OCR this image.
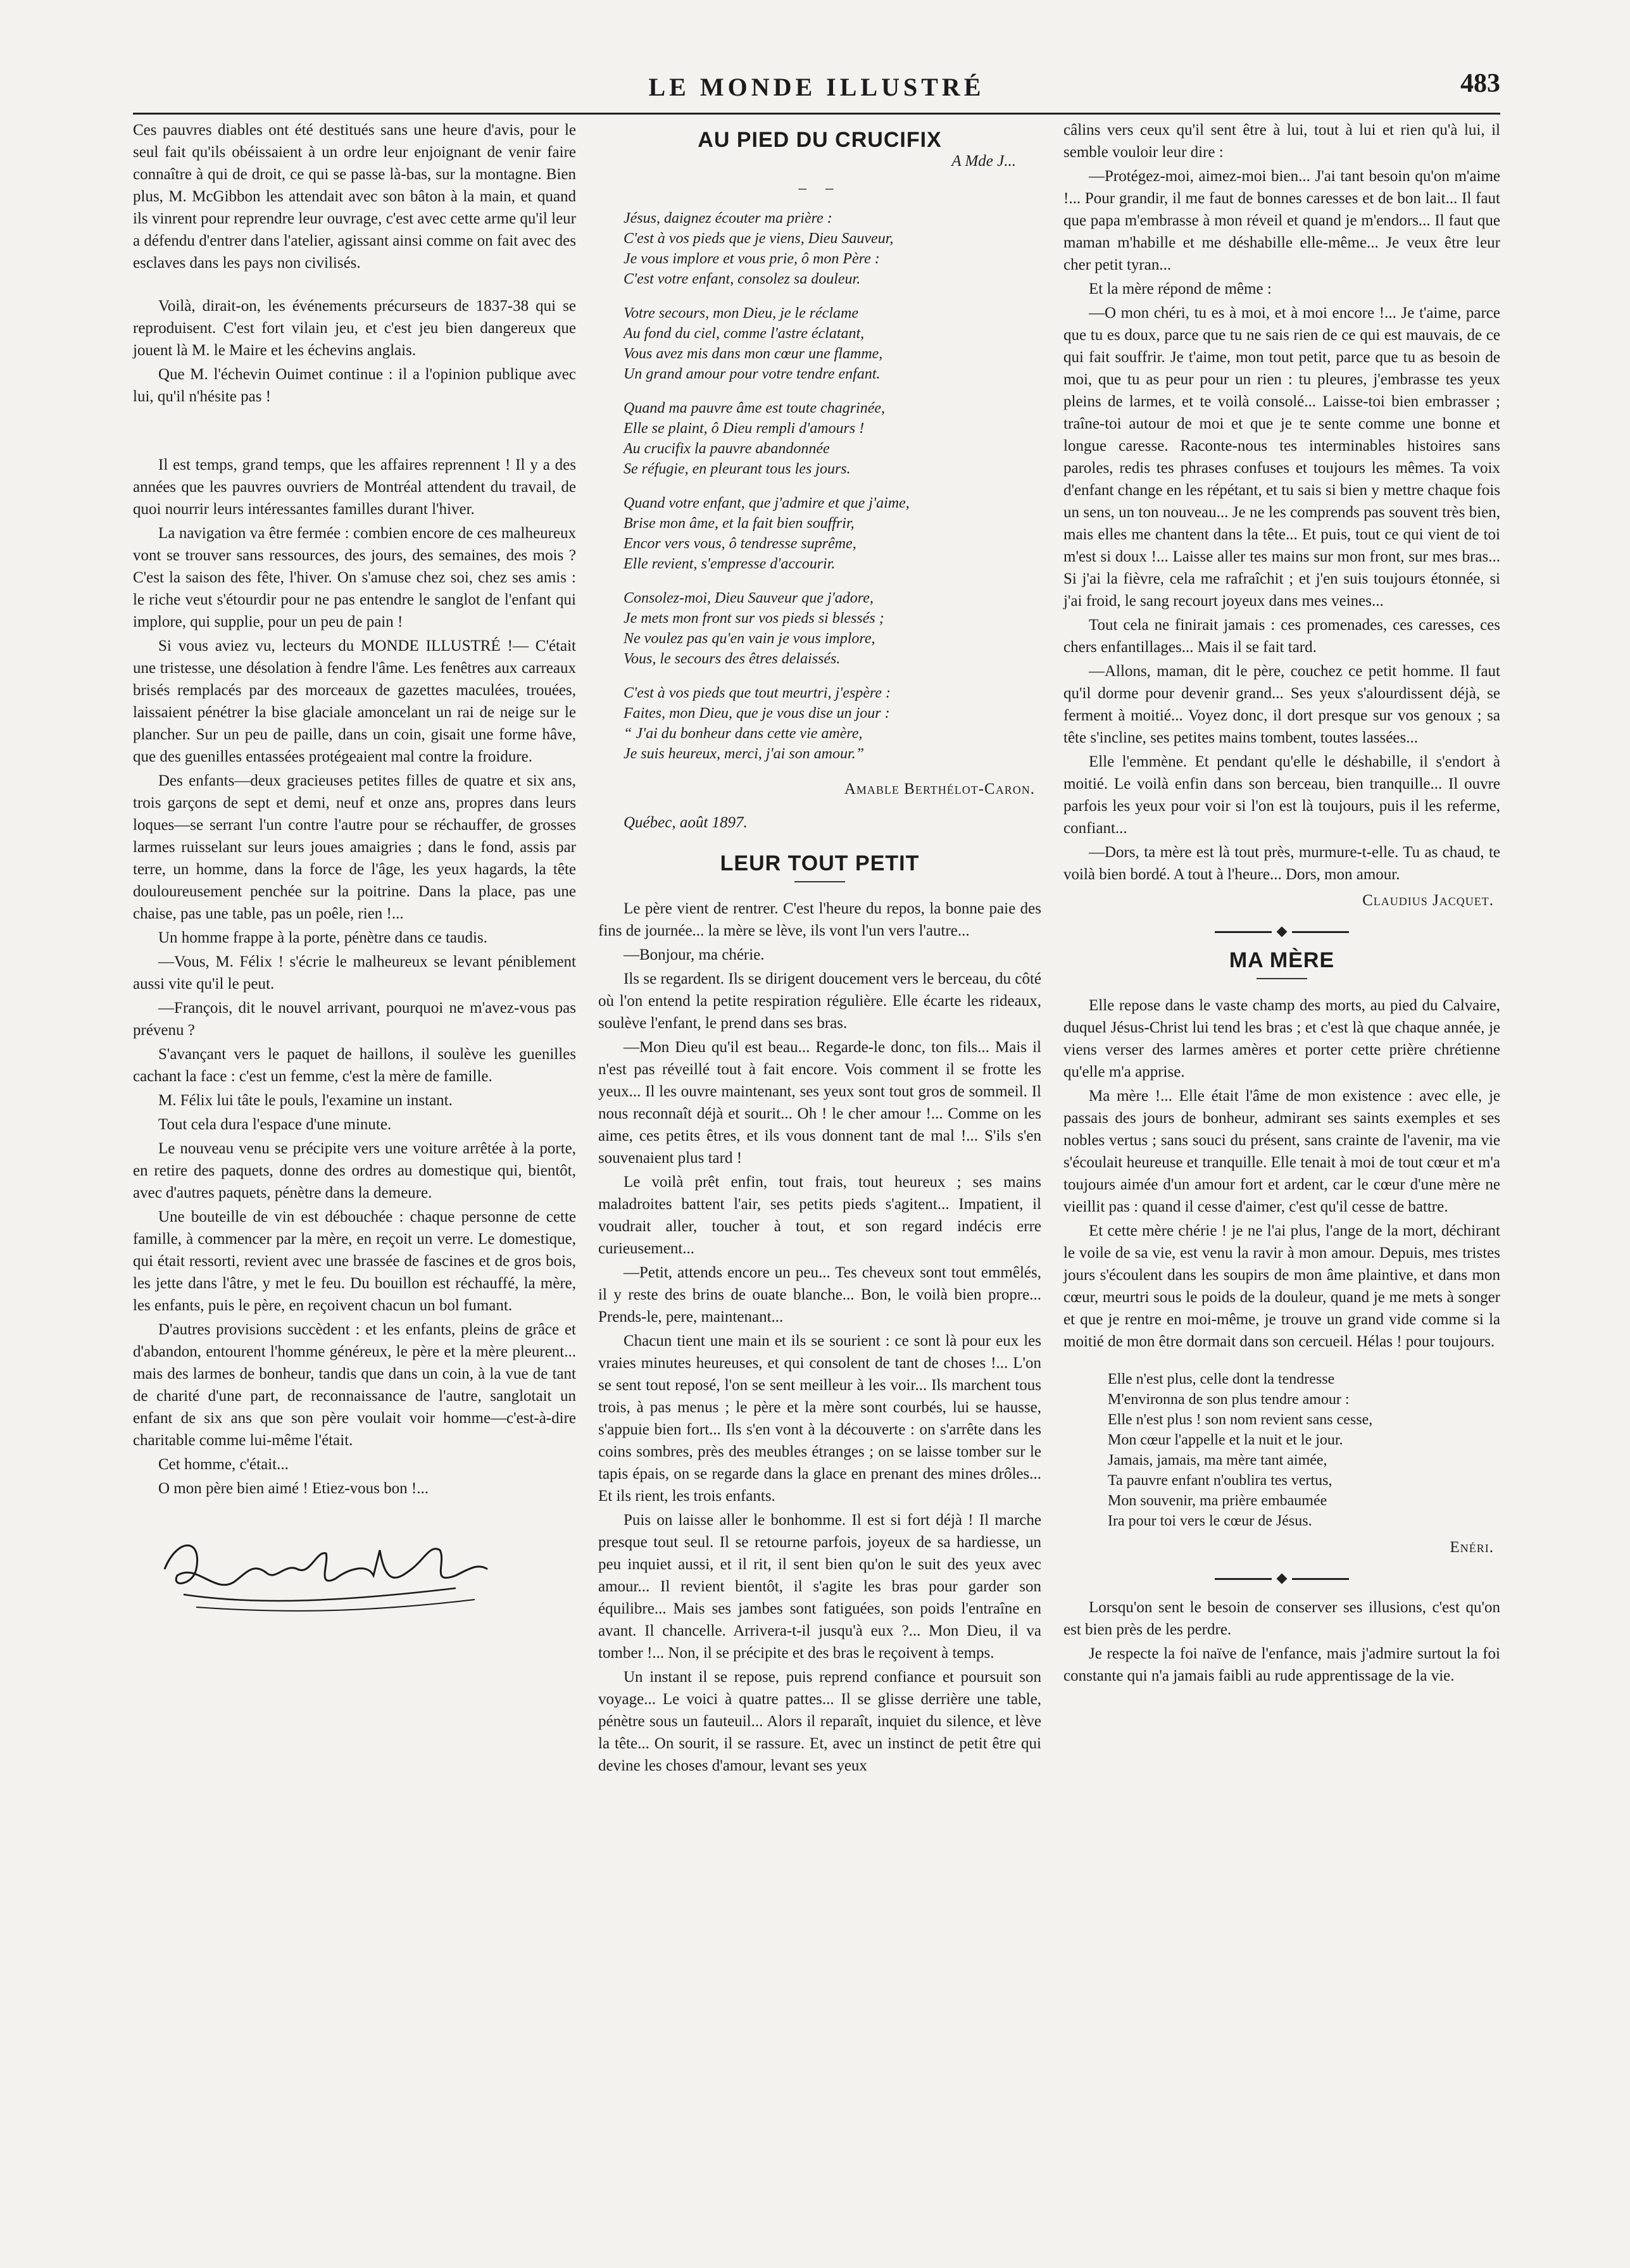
LE MONDE ILLUSTRÉ	483

Ces pauvres diables ont été destitués sans une heure d'avis, pour le seul fait qu'ils obéissaient à un ordre leur enjoignant de venir faire connaître à qui de droit, ce qui se passe là-bas, sur la montagne. Bien plus, M. McGibbon les attendait avec son bâton à la main, et quand ils vinrent pour reprendre leur ouvrage, c'est avec cette arme qu'il leur a défendu d'entrer dans l'atelier, agissant ainsi comme on fait avec des esclaves dans les pays non civilisés.

Voilà, dirait-on, les événements précurseurs de 1837-38 qui se reproduisent. C'est fort vilain jeu, et c'est jeu bien dangereux que jouent là M. le Maire et les échevins anglais.

Que M. l'échevin Ouimet continue : il a l'opinion publique avec lui, qu'il n'hésite pas !

Il est temps, grand temps, que les affaires reprennent ! Il y a des années que les pauvres ouvriers de Montréal attendent du travail, de quoi nourrir leurs intéressantes familles durant l'hiver.

La navigation va être fermée : combien encore de ces malheureux vont se trouver sans ressources, des jours, des semaines, des mois ? C'est la saison des fête, l'hiver. On s'amuse chez soi, chez ses amis : le riche veut s'étourdir pour ne pas entendre le sanglot de l'enfant qui implore, qui supplie, pour un peu de pain !

Si vous aviez vu, lecteurs du MONDE ILLUSTRÉ !— C'était une tristesse, une désolation à fendre l'âme. Les fenêtres aux carreaux brisés remplacés par des morceaux de gazettes maculées, trouées, laissaient pénétrer la bise glaciale amoncelant un rai de neige sur le plancher. Sur un peu de paille, dans un coin, gisait une forme hâve, que des guenilles entassées protégeaient mal contre la froidure.

Des enfants—deux gracieuses petites filles de quatre et six ans, trois garçons de sept et demi, neuf et onze ans, propres dans leurs loques—se serrant l'un contre l'autre pour se réchauffer, de grosses larmes ruisselant sur leurs joues amaigries ; dans le fond, assis par terre, un homme, dans la force de l'âge, les yeux hagards, la tête douloureusement penchée sur la poitrine. Dans la place, pas une chaise, pas une table, pas un poêle, rien !...

Un homme frappe à la porte, pénètre dans ce taudis.

—Vous, M. Félix ! s'écrie le malheureux se levant péniblement aussi vite qu'il le peut.

—François, dit le nouvel arrivant, pourquoi ne m'avez-vous pas prévenu ?

S'avançant vers le paquet de haillons, il soulève les guenilles cachant la face : c'est un femme, c'est la mère de famille.

M. Félix lui tâte le pouls, l'examine un instant.

Tout cela dura l'espace d'une minute.

Le nouveau venu se précipite vers une voiture arrêtée à la porte, en retire des paquets, donne des ordres au domestique qui, bientôt, avec d'autres paquets, pénètre dans la demeure.

Une bouteille de vin est débouchée : chaque personne de cette famille, à commencer par la mère, en reçoit un verre. Le domestique, qui était ressorti, revient avec une brassée de fascines et de gros bois, les jette dans l'âtre, y met le feu. Du bouillon est réchauffé, la mère, les enfants, puis le père, en reçoivent chacun un bol fumant.

D'autres provisions succèdent : et les enfants, pleins de grâce et d'abandon, entourent l'homme généreux, le père et la mère pleurent... mais des larmes de bonheur, tandis que dans un coin, à la vue de tant de charité d'une part, de reconnaissance de l'autre, sanglotait un enfant de six ans que son père voulait voir homme—c'est-à-dire charitable comme lui-même l'était.

Cet homme, c'était...

O mon père bien aimé ! Etiez-vous bon !...

AU PIED DU CRUCIFIX
A Mde J...
– –
Jésus, daignez écouter ma prière :
C'est à vos pieds que je viens, Dieu Sauveur,
Je vous implore et vous prie, ô mon Père :
C'est votre enfant, consolez sa douleur.
Votre secours, mon Dieu, je le réclame
Au fond du ciel, comme l'astre éclatant,
Vous avez mis dans mon cœur une flamme,
Un grand amour pour votre tendre enfant.
Quand ma pauvre âme est toute chagrinée,
Elle se plaint, ô Dieu rempli d'amours !
Au crucifix la pauvre abandonnée
Se réfugie, en pleurant tous les jours.
Quand votre enfant, que j'admire et que j'aime,
Brise mon âme, et la fait bien souffrir,
Encor vers vous, ô tendresse suprême,
Elle revient, s'empresse d'accourir.
Consolez-moi, Dieu Sauveur que j'adore,
Je mets mon front sur vos pieds si blessés ;
Ne voulez pas qu'en vain je vous implore,
Vous, le secours des êtres delaissés.
C'est à vos pieds que tout meurtri, j'espère :
Faites, mon Dieu, que je vous dise un jour :
“ J'ai du bonheur dans cette vie amère,
Je suis heureux, merci, j'ai son amour.”
Amable Berthélot-Caron.
Québec, août 1897.
LEUR TOUT PETIT

Le père vient de rentrer. C'est l'heure du repos, la bonne paie des fins de journée... la mère se lève, ils vont l'un vers l'autre...

—Bonjour, ma chérie.

Ils se regardent. Ils se dirigent doucement vers le berceau, du côté où l'on entend la petite respiration régulière. Elle écarte les rideaux, soulève l'enfant, le prend dans ses bras.

—Mon Dieu qu'il est beau... Regarde-le donc, ton fils... Mais il n'est pas réveillé tout à fait encore. Vois comment il se frotte les yeux... Il les ouvre maintenant, ses yeux sont tout gros de sommeil. Il nous reconnaît déjà et sourit... Oh ! le cher amour !... Comme on les aime, ces petits êtres, et ils vous donnent tant de mal !... S'ils s'en souvenaient plus tard !

Le voilà prêt enfin, tout frais, tout heureux ; ses mains maladroites battent l'air, ses petits pieds s'agitent... Impatient, il voudrait aller, toucher à tout, et son regard indécis erre curieusement...

—Petit, attends encore un peu... Tes cheveux sont tout emmêlés, il y reste des brins de ouate blanche... Bon, le voilà bien propre... Prends-le, pere, maintenant...

Chacun tient une main et ils se sourient : ce sont là pour eux les vraies minutes heureuses, et qui consolent de tant de choses !... L'on se sent tout reposé, l'on se sent meilleur à les voir... Ils marchent tous trois, à pas menus ; le père et la mère sont courbés, lui se hausse, s'appuie bien fort... Ils s'en vont à la découverte : on s'arrête dans les coins sombres, près des meubles étranges ; on se laisse tomber sur le tapis épais, on se regarde dans la glace en prenant des mines drôles... Et ils rient, les trois enfants.

Puis on laisse aller le bonhomme. Il est si fort déjà ! Il marche presque tout seul. Il se retourne parfois, joyeux de sa hardiesse, un peu inquiet aussi, et il rit, il sent bien qu'on le suit des yeux avec amour... Il revient bientôt, il s'agite les bras pour garder son équilibre... Mais ses jambes sont fatiguées, son poids l'entraîne en avant. Il chancelle. Arrivera-t-il jusqu'à eux ?... Mon Dieu, il va tomber !... Non, il se précipite et des bras le reçoivent à temps.

Un instant il se repose, puis reprend confiance et poursuit son voyage... Le voici à quatre pattes... Il se glisse derrière une table, pénètre sous un fauteuil... Alors il reparaît, inquiet du silence, et lève la tête... On sourit, il se rassure. Et, avec un instinct de petit être qui devine les choses d'amour, levant ses yeux

câlins vers ceux qu'il sent être à lui, tout à lui et rien qu'à lui, il semble vouloir leur dire :

—Protégez-moi, aimez-moi bien... J'ai tant besoin qu'on m'aime !... Pour grandir, il me faut de bonnes caresses et de bon lait... Il faut que papa m'embrasse à mon réveil et quand je m'endors... Il faut que maman m'habille et me déshabille elle-même... Je veux être leur cher petit tyran...

Et la mère répond de même :

—O mon chéri, tu es à moi, et à moi encore !... Je t'aime, parce que tu es doux, parce que tu ne sais rien de ce qui est mauvais, de ce qui fait souffrir. Je t'aime, mon tout petit, parce que tu as besoin de moi, que tu as peur pour un rien : tu pleures, j'embrasse tes yeux pleins de larmes, et te voilà consolé... Laisse-toi bien embrasser ; traîne-toi autour de moi et que je te sente comme une bonne et longue caresse. Raconte-nous tes interminables histoires sans paroles, redis tes phrases confuses et toujours les mêmes. Ta voix d'enfant change en les répétant, et tu sais si bien y mettre chaque fois un sens, un ton nouveau... Je ne les comprends pas souvent très bien, mais elles me chantent dans la tête... Et puis, tout ce qui vient de toi m'est si doux !... Laisse aller tes mains sur mon front, sur mes bras... Si j'ai la fièvre, cela me rafraîchit ; et j'en suis toujours étonnée, si j'ai froid, le sang recourt joyeux dans mes veines...

Tout cela ne finirait jamais : ces promenades, ces caresses, ces chers enfantillages... Mais il se fait tard.

—Allons, maman, dit le père, couchez ce petit homme. Il faut qu'il dorme pour devenir grand... Ses yeux s'alourdissent déjà, se ferment à moitié... Voyez donc, il dort presque sur vos genoux ; sa tête s'incline, ses petites mains tombent, toutes lassées...

Elle l'emmène. Et pendant qu'elle le déshabille, il s'endort à moitié. Le voilà enfin dans son berceau, bien tranquille... Il ouvre parfois les yeux pour voir si l'on est là toujours, puis il les referme, confiant...

—Dors, ta mère est là tout près, murmure-t-elle. Tu as chaud, te voilà bien bordé. A tout à l'heure... Dors, mon amour.

Claudius Jacquet.
MA MÈRE

Elle repose dans le vaste champ des morts, au pied du Calvaire, duquel Jésus-Christ lui tend les bras ; et c'est là que chaque année, je viens verser des larmes amères et porter cette prière chrétienne qu'elle m'a apprise.

Ma mère !... Elle était l'âme de mon existence : avec elle, je passais des jours de bonheur, admirant ses saints exemples et ses nobles vertus ; sans souci du présent, sans crainte de l'avenir, ma vie s'écoulait heureuse et tranquille. Elle tenait à moi de tout cœur et m'a toujours aimée d'un amour fort et ardent, car le cœur d'une mère ne vieillit pas : quand il cesse d'aimer, c'est qu'il cesse de battre.

Et cette mère chérie ! je ne l'ai plus, l'ange de la mort, déchirant le voile de sa vie, est venu la ravir à mon amour. Depuis, mes tristes jours s'écoulent dans les soupirs de mon âme plaintive, et dans mon cœur, meurtri sous le poids de la douleur, quand je me mets à songer et que je rentre en moi-même, je trouve un grand vide comme si la moitié de mon être dormait dans son cercueil. Hélas ! pour toujours.

Elle n'est plus, celle dont la tendresse
M'environna de son plus tendre amour :
Elle n'est plus ! son nom revient sans cesse,
Mon cœur l'appelle et la nuit et le jour.
Jamais, jamais, ma mère tant aimée,
Ta pauvre enfant n'oublira tes vertus,
Mon souvenir, ma prière embaumée
Ira pour toi vers le cœur de Jésus.
Enéri.

Lorsqu'on sent le besoin de conserver ses illusions, c'est qu'on est bien près de les perdre.

Je respecte la foi naïve de l'enfance, mais j'admire surtout la foi constante qui n'a jamais faibli au rude apprentissage de la vie.
